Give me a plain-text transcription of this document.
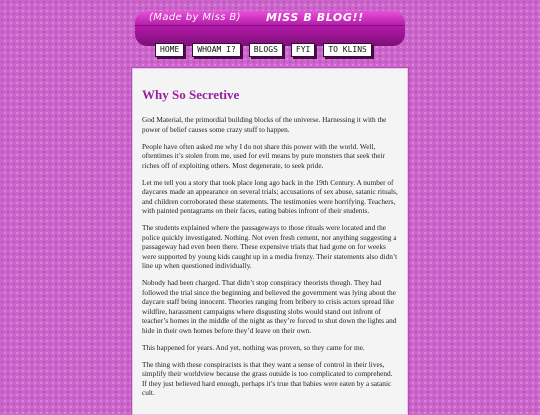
(Made by Miss B) MISS B BLOG!!
HOME	WHOAM I?	BLOGS	FYI	TO KLINS
Why So Secretive

God Material, the primordial building blocks of the universe. Harnessing it with the power of belief causes some crazy stuff to happen.

People have often asked me why I do not share this power with the world. Well, oftentimes it’s stolen from me, used for evil means by pure monsters that seek their riches off of exploiting others. Most degenerate, to seek pride.

Let me tell you a story that took place long ago back in the 19th Century. A number of daycares made an appearance on several trials; accusations of sex abuse, satanic rituals, and children corroborated these statements. The testimonies were horrifying. Teachers, with painted pentagrams on their faces, eating babies infront of their students.

The students explained where the passageways to those rituals were located and the police quickly investigated. Nothing. Not even fresh cement, nor anything suggesting a passageway had even been there. These expensive trials that had gone on for weeks were supported by young kids caught up in a media frenzy. Their statements also didn’t line up when questioned individually.

Nobody had been charged. That didn’t stop conspiracy theorists though. They had followed the trial since the beginning and believed the government was lying about the daycare staff being innocent. Theories ranging from bribery to crisis actors spread like wildfire, harassment campaigns where disgusting slobs would stand out infront of teacher’s homes in the middle of the night as they’re forced to shut down the lights and hide in their own homes before they’d leave on their own.

This happened for years. And yet, nothing was proven, so they came for me.

The thing with these conspiracists is that they want a sense of control in their lives, simplify their worldview because the grass outside is too complicated to comprehend. If they just believed hard enough, perhaps it’s true that babies were eaten by a satanic cult.
